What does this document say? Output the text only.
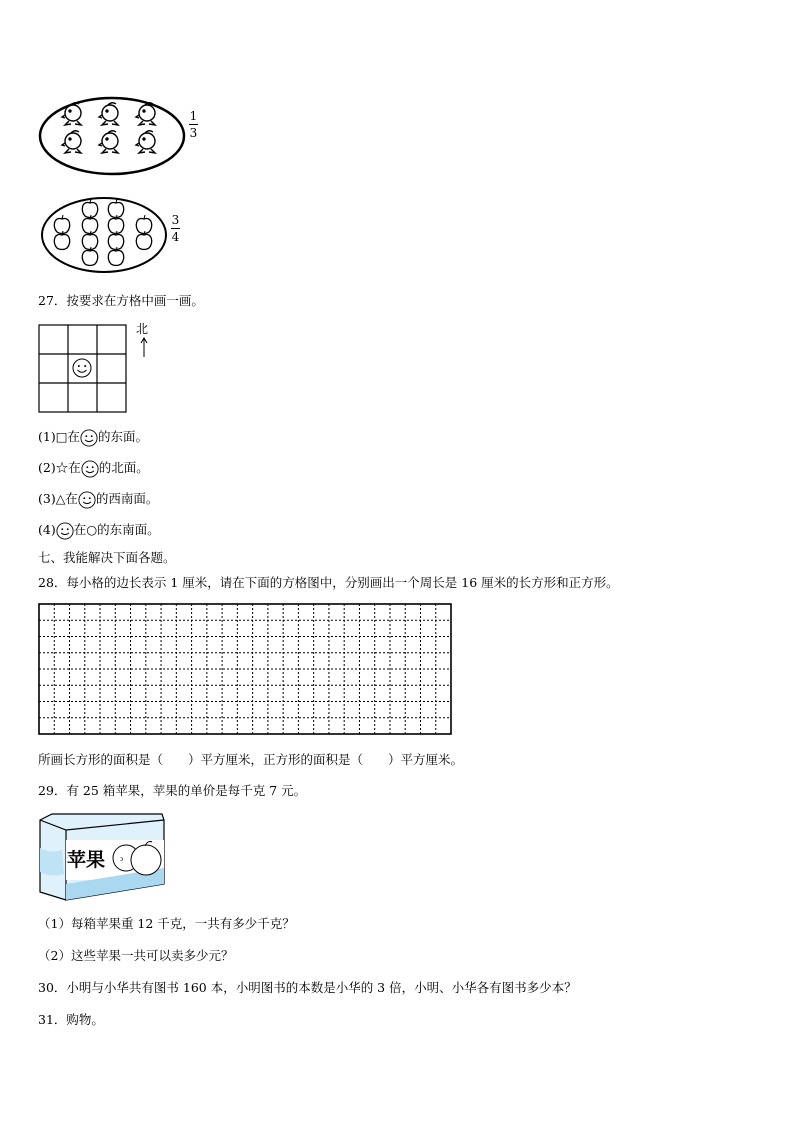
1
3
3
4
27．按要求在方格中画一画。
北
(1)□在 的东面。
(2)☆在 的北面。
(3)△在 的西南面。
(4) 在○的东南面。
七、我能解决下面各题。
28．每小格的边长表示 1 厘米，请在下面的方格图中，分别画出一个周长是 16 厘米的长方形和正方形。
所画长方形的面积是（　　）平方厘米，正方形的面积是（　　）平方厘米。
29．有 25 箱苹果，苹果的单价是每千克 7 元。
ɔ
苹果
（1）每箱苹果重 12 千克，一共有多少千克？
（2）这些苹果一共可以卖多少元？
30．小明与小华共有图书 160 本，小明图书的本数是小华的 3 倍，小明、小华各有图书多少本？
31．购物。
